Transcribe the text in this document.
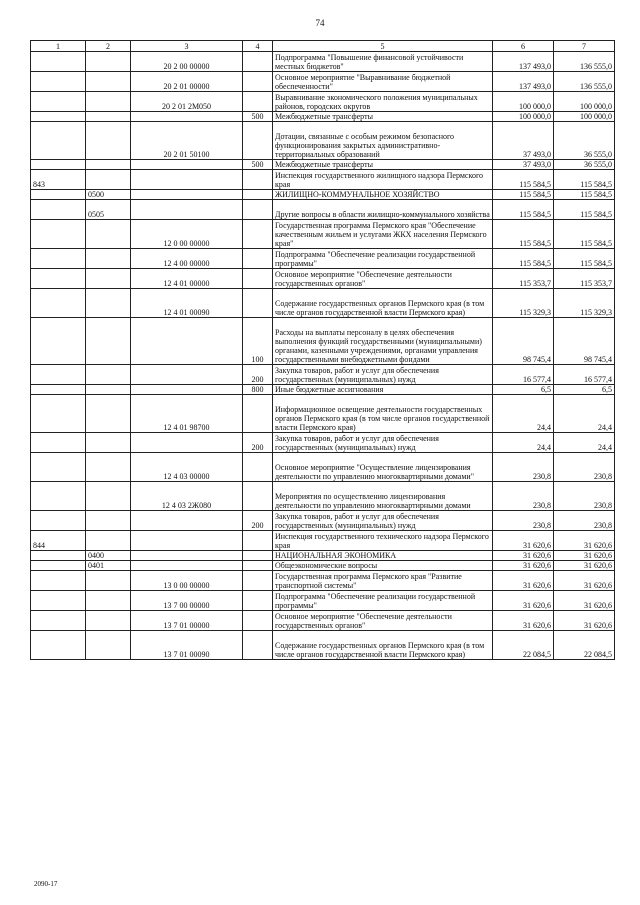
74
1	2	3	4	5	6	7
		20 2 00 00000		Подпрограмма "Повышение финансовой устойчивости местных бюджетов"	137 493,0	136 555,0
		20 2 01 00000		Основное мероприятие "Выравнивание бюджетной обеспеченности"	137 493,0	136 555,0
		20 2 01 2М050		Выравнивание экономического положения муниципальных районов, городских округов	100 000,0	100 000,0
			500	Межбюджетные трансферты	100 000,0	100 000,0
		20 2 01 50100		Дотации, связанные с особым режимом безопасного функционирования закрытых административно-территориальных образований	37 493,0	36 555,0
			500	Межбюджетные трансферты	37 493,0	36 555,0
843				Инспекция государственного жилищного надзора Пермского края	115 584,5	115 584,5
	0500			ЖИЛИЩНО-КОММУНАЛЬНОЕ ХОЗЯЙСТВО	115 584,5	115 584,5
	0505			Другие вопросы в области жилищно-коммунального хозяйства	115 584,5	115 584,5
		12 0 00 00000		Государственная программа Пермского края "Обеспечение качественным жильем и услугами ЖКХ населения Пермского края"	115 584,5	115 584,5
		12 4 00 00000		Подпрограмма "Обеспечение реализации государственной программы"	115 584,5	115 584,5
		12 4 01 00000		Основное мероприятие "Обеспечение деятельности государственных органов"	115 353,7	115 353,7
		12 4 01 00090		Содержание государственных органов Пермского края (в том числе органов государственной власти Пермского края)	115 329,3	115 329,3
			100	Расходы на выплаты персоналу в целях обеспечения выполнения функций государственными (муниципальными) органами, казенными учреждениями, органами управления государственными внебюджетными фондами	98 745,4	98 745,4
			200	Закупка товаров, работ и услуг для обеспечения государственных (муниципальных) нужд	16 577,4	16 577,4
			800	Иные бюджетные ассигнования	6,5	6,5
		12 4 01 98700		Информационное освещение деятельности государственных органов Пермского края (в том числе органов государственной власти Пермского края)	24,4	24,4
			200	Закупка товаров, работ и услуг для обеспечения государственных (муниципальных) нужд	24,4	24,4
		12 4 03 00000		Основное мероприятие "Осуществление лицензирования деятельности по управлению многоквартирными домами"	230,8	230,8
		12 4 03 2Ж080		Мероприятия по осуществлению лицензирования деятельности по управлению многоквартирными домами	230,8	230,8
			200	Закупка товаров, работ и услуг для обеспечения государственных (муниципальных) нужд	230,8	230,8
844				Инспекция государственного технического надзора Пермского края	31 620,6	31 620,6
	0400			НАЦИОНАЛЬНАЯ ЭКОНОМИКА	31 620,6	31 620,6
	0401			Общеэкономические вопросы	31 620,6	31 620,6
		13 0 00 00000		Государственная программа Пермского края "Развитие транспортной системы"	31 620,6	31 620,6
		13 7 00 00000		Подпрограмма "Обеспечение реализации государственной программы"	31 620,6	31 620,6
		13 7 01 00000		Основное мероприятие "Обеспечение деятельности государственных органов"	31 620,6	31 620,6
		13 7 01 00090		Содержание государственных органов Пермского края (в том числе органов государственной власти Пермского края)	22 084,5	22 084,5
2090-17
